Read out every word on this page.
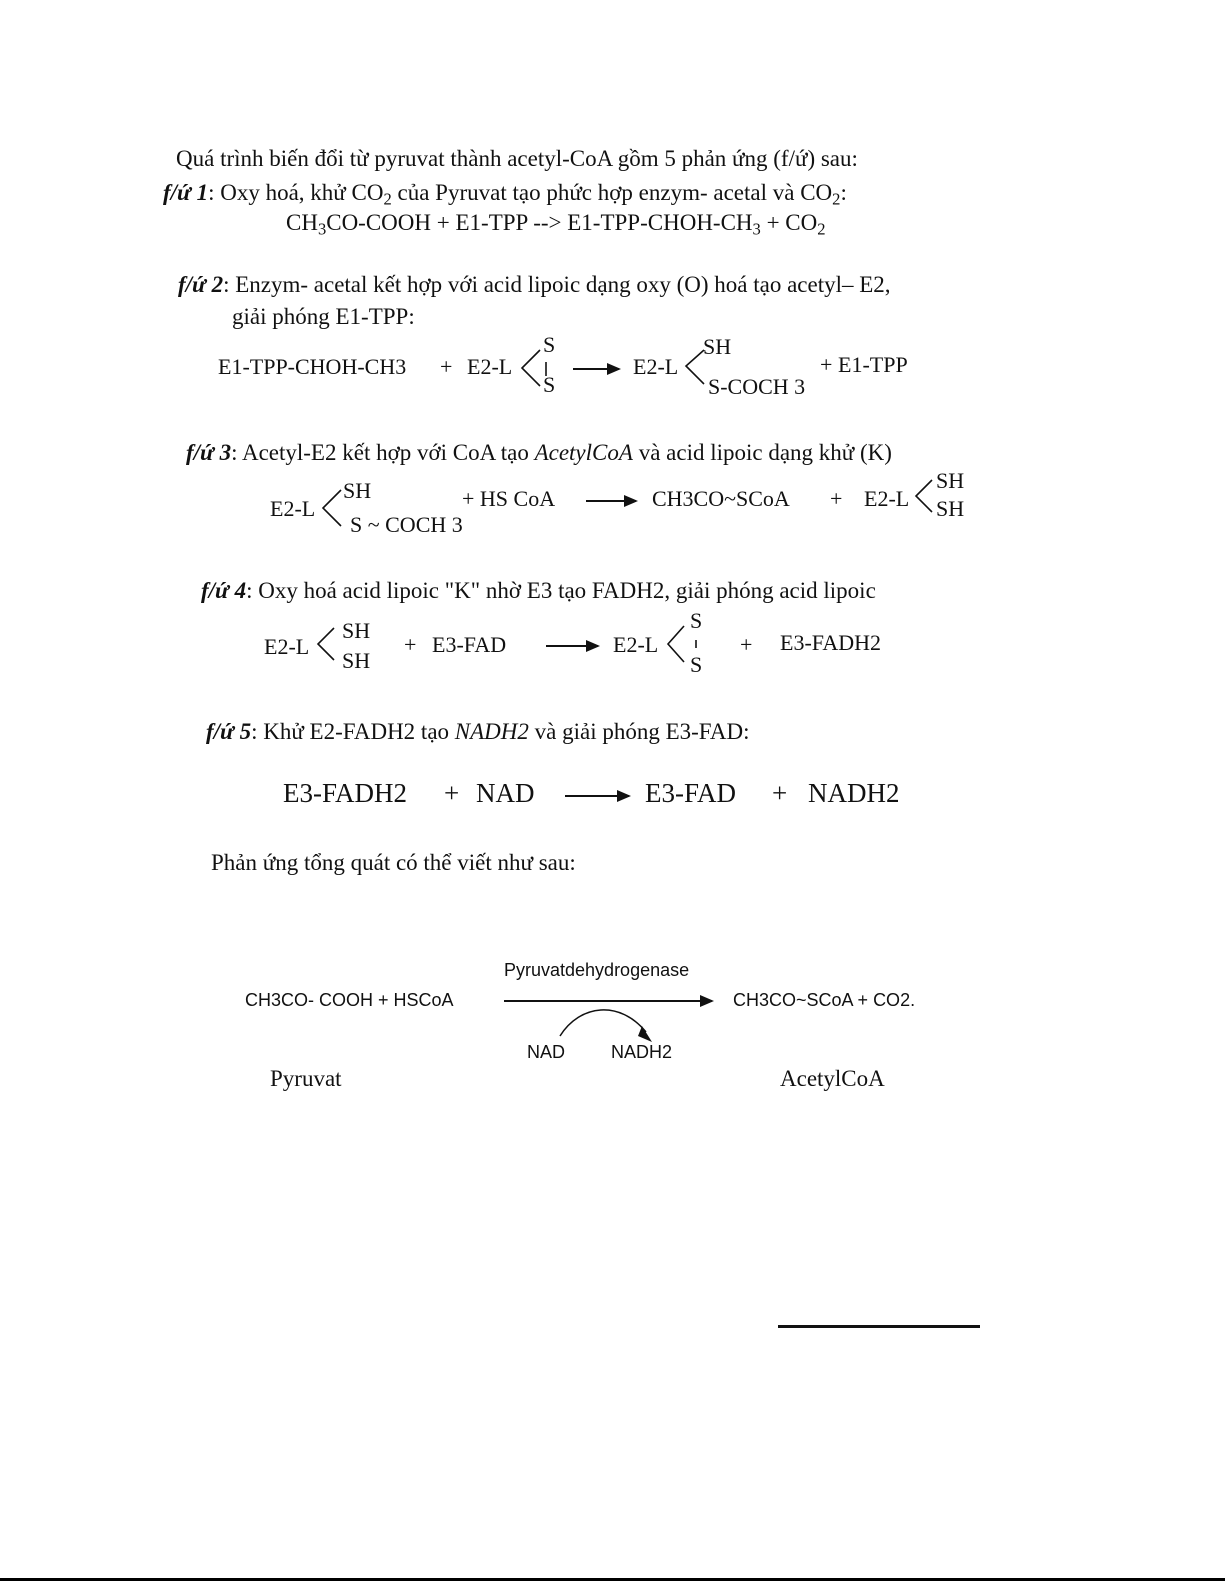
Quá trình biến đổi từ pyruvat thành acetyl-CoA gồm 5 phản ứng (f/ứ) sau:
f/ứ 1: Oxy hoá, khử $CO_2$ của Pyruvat tạo phức hợp enzym- acetal và $CO_2$:
$CH_3CO$-COOH + E1-TPP --> $E1-TPP-CHOH-CH_3 + CO_2$
f/ứ 2: Enzym- acetal kết hợp với acid lipoic dạng oxy (O) hoá tạo acetyl– E2,
giải phóng E1-TPP:
E1-TPP-CHOH-CH3 + E2-L
S
S
E2-L
SH
S-COCH 3
+ E1-TPP
f/ứ 3: Acetyl-E2 kết hợp với CoA tạo AcetylCoA và acid lipoic dạng khử (K)
E2-L
SH
S ~ COCH 3
+ HS CoA	CH3CO~SCoA + E2-L
SH
SH
f/ứ 4: Oxy hoá acid lipoic "K" nhờ E3 tạo FADH2, giải phóng acid lipoic
E2-L
SH
SH
+ E3-FAD	E2-L
S
S
+ E3-FADH2
f/ứ 5: Khử E2-FADH2 tạo NADH2 và giải phóng E3-FAD:
E3-FADH2 + NAD	E3-FAD + NADH2
Phản ứng tổng quát có thể viết như sau:
Pyruvatdehydrogenase
CH3CO- COOH + HSCoA	CH3CO~SCoA + CO2.
NAD	NADH2
Pyruvat	AcetylCoA
